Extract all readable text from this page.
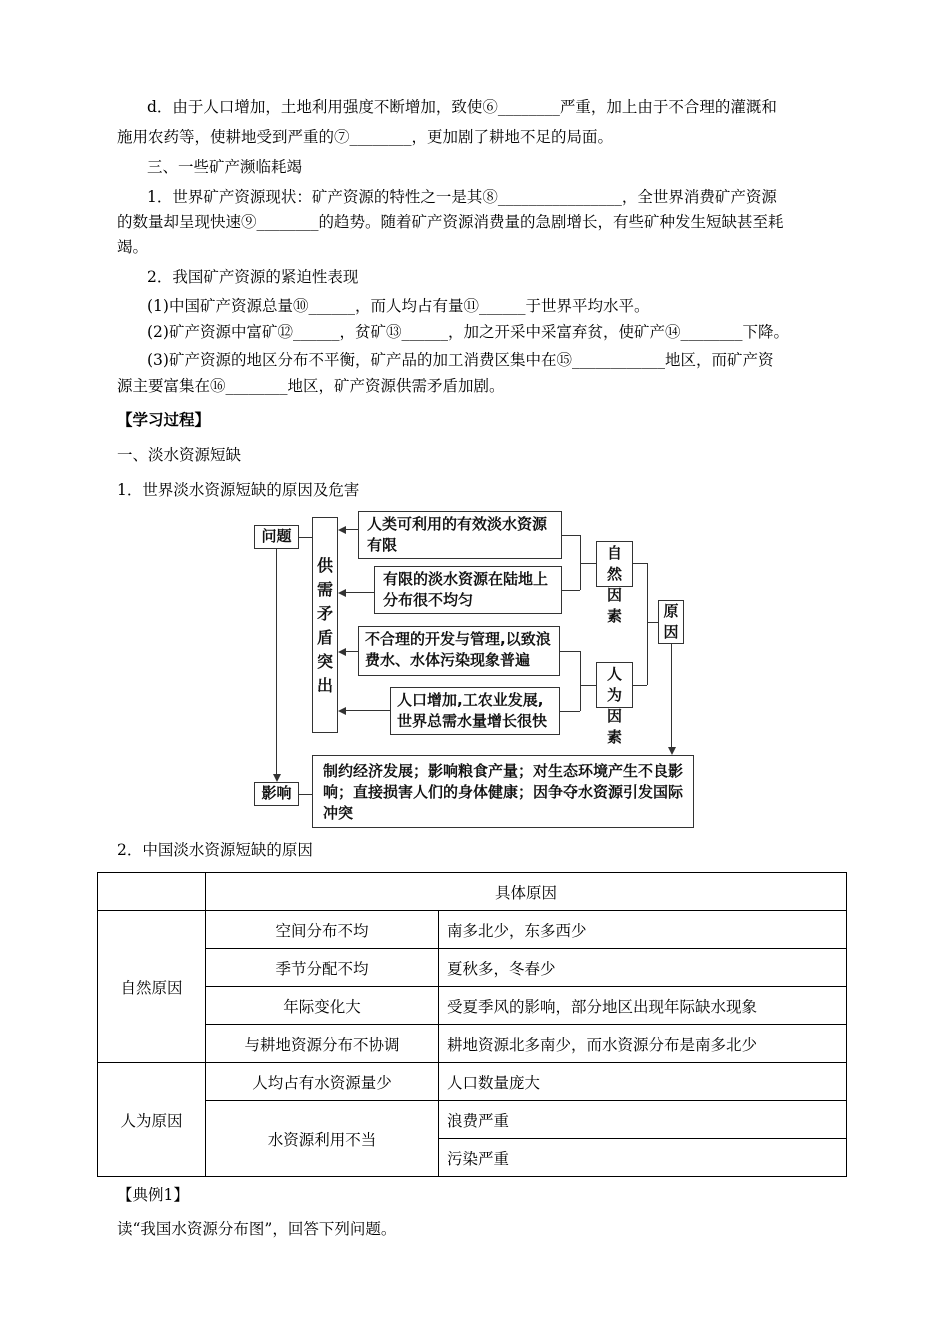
d．由于人口增加，土地利用强度不断增加，致使⑥________严重，加上由于不合理的灌溉和
施用农药等，使耕地受到严重的⑦________，更加剧了耕地不足的局面。
三、一些矿产濒临耗竭
1．世界矿产资源现状：矿产资源的特性之一是其⑧________________，全世界消费矿产资源
的数量却呈现快速⑨________的趋势。随着矿产资源消费量的急剧增长，有些矿种发生短缺甚至耗
竭。
2．我国矿产资源的紧迫性表现
(1)中国矿产资源总量⑩______，而人均占有量⑪______于世界平均水平。
(2)矿产资源中富矿⑫______，贫矿⑬______，加之开采中采富弃贫，使矿产⑭________下降。
(3)矿产资源的地区分布不平衡，矿产品的加工消费区集中在⑮____________地区，而矿产资
源主要富集在⑯________地区，矿产资源供需矛盾加剧。
【学习过程】
一、淡水资源短缺
1．世界淡水资源短缺的原因及危害
问题
供需矛盾突出
影响
人类可利用的有效淡水资源有限
有限的淡水资源在陆地上分布很不均匀
不合理的开发与管理,以致浪费水、水体污染现象普遍
人口增加,工农业发展,世界总需水量增长很快
自然因素
人为因素
原因
制约经济发展；影响粮食产量；对生态环境产生不良影响；直接损害人们的身体健康；因争夺水资源引发国际冲突
2．中国淡水资源短缺的原因
	具体原因	
自然原因	空间分布不均	南多北少，东多西少
	季节分配不均	夏秋多，冬春少
	年际变化大	受夏季风的影响，部分地区出现年际缺水现象
	与耕地资源分布不协调	耕地资源北多南少，而水资源分布是南多北少
人为原因	人均占有水资源量少	人口数量庞大
	水资源利用不当	浪费严重
		污染严重
【典例1】
读“我国水资源分布图”，回答下列问题。
